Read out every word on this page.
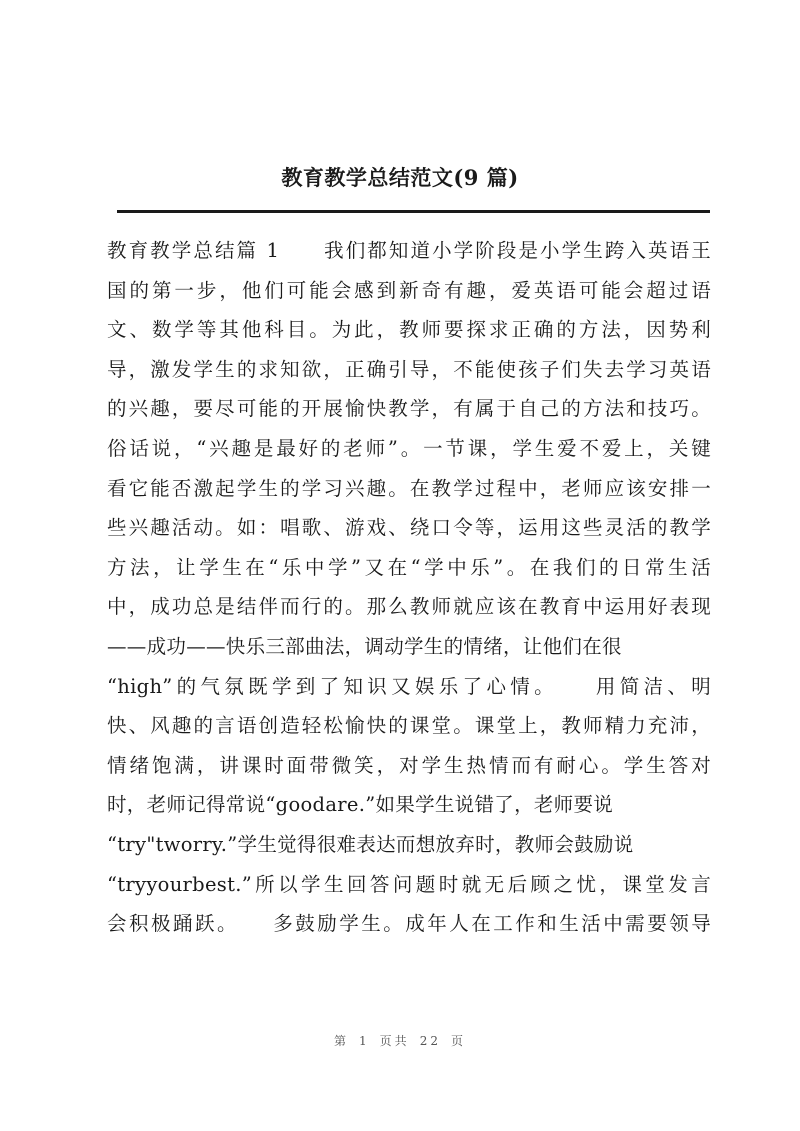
教育教学总结范文(9 篇)
教育教学总结篇 1　　我们都知道小学阶段是小学生跨入英语王
国的第一步，他们可能会感到新奇有趣，爱英语可能会超过语
文、数学等其他科目。为此，教师要探求正确的方法，因势利
导，激发学生的求知欲，正确引导，不能使孩子们失去学习英语
的兴趣，要尽可能的开展愉快教学，有属于自己的方法和技巧。
俗话说，“兴趣是最好的老师”。一节课，学生爱不爱上，关键
看它能否激起学生的学习兴趣。在教学过程中，老师应该安排一
些兴趣活动。如：唱歌、游戏、绕口令等，运用这些灵活的教学
方法，让学生在“乐中学”又在“学中乐”。在我们的日常生活
中，成功总是结伴而行的。那么教师就应该在教育中运用好表现
——成功——快乐三部曲法，调动学生的情绪，让他们在很
“high”的气氛既学到了知识又娱乐了心情。　　用简洁、明
快、风趣的言语创造轻松愉快的课堂。课堂上，教师精力充沛，
情绪饱满，讲课时面带微笑，对学生热情而有耐心。学生答对
时，老师记得常说“goodare.”如果学生说错了，老师要说
“try"tworry.”学生觉得很难表达而想放弃时，教师会鼓励说
“tryyourbest.”所以学生回答问题时就无后顾之忧，课堂发言
会积极踊跃。　　多鼓励学生。成年人在工作和生活中需要领导
第 1 页共 22 页
